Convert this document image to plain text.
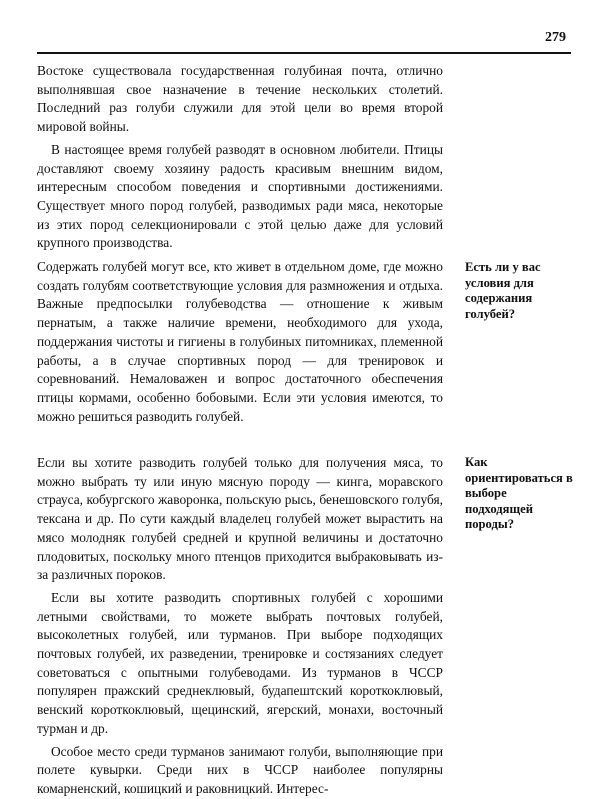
279

Востоке существовала государственная голубиная почта, отлично выполнявшая свое назначение в течение нескольких столетий. Последний раз голуби служили для этой цели во время второй мировой войны.

В настоящее время голубей разводят в основном любители. Птицы доставляют своему хозяину радость красивым внешним видом, интересным способом поведения и спортивными достижениями. Существует много пород голубей, разводимых ради мяса, некоторые из этих пород селекционировали с этой целью даже для условий крупного производства.

Содержать голубей могут все, кто живет в отдельном доме, где можно создать голубям соответствующие условия для размножения и отдыха. Важные предпосылки голубеводства — отношение к живым пернатым, а также наличие времени, необходимого для ухода, поддержания чистоты и гигиены в голубиных питомниках, племенной работы, а в случае спортивных пород — для тренировок и соревнований. Немаловажен и вопрос достаточного обеспечения птицы кормами, особенно бобовыми. Если эти условия имеются, то можно решиться разводить голубей.

Есть ли у вас условия для содержания голубей?

Если вы хотите разводить голубей только для получения мяса, то можно выбрать ту или иную мясную породу — кинга, моравского страуса, кобургского жаворонка, польскую рысь, бенешовского голубя, тексана и др. По сути каждый владелец голубей может вырастить на мясо молодняк голубей средней и крупной величины и достаточно плодовитых, поскольку много птенцов приходится выбраковывать из-за различных пороков.

Если вы хотите разводить спортивных голубей с хорошими летными свойствами, то можете выбрать почтовых голубей, высоколетных голубей, или турманов. При выборе подходящих почтовых голубей, их разведении, тренировке и состязаниях следует советоваться с опытными голубеводами. Из турманов в ЧССР популярен пражский среднеклювый, будапештский короткоклювый, венский короткоклювый, щецинский, ягерский, монахи, восточный турман и др.

Особое место среди турманов занимают голуби, выполняющие при полете кувырки. Среди них в ЧССР наиболее популярны комарненский, кошицкий и раковницкий. Интерес-

Как ориентироваться в выборе подходящей породы?
